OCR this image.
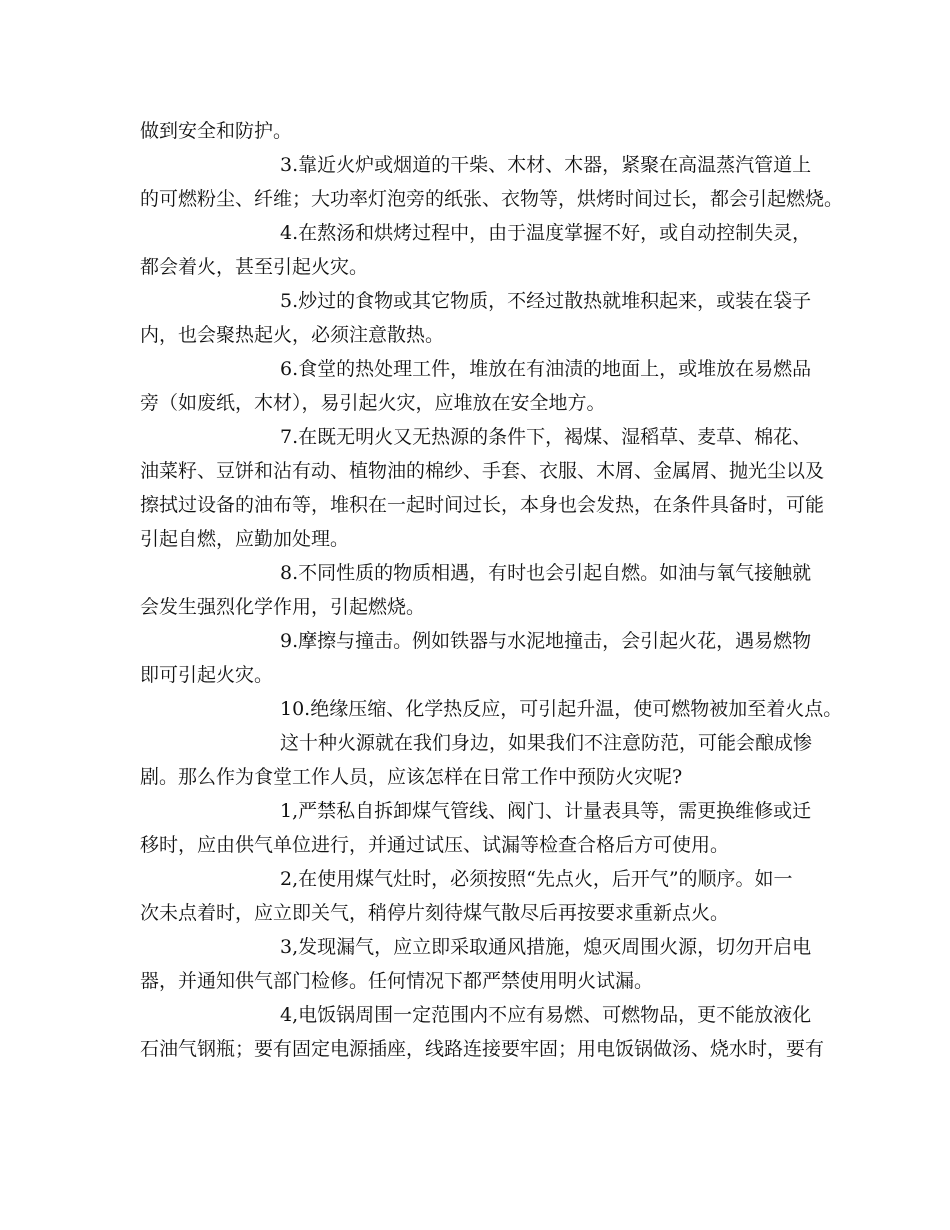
做到安全和防护。
3.靠近火炉或烟道的干柴、木材、木器，紧聚在高温蒸汽管道上
的可燃粉尘、纤维；大功率灯泡旁的纸张、衣物等，烘烤时间过长，都会引起燃烧。
4.在熬汤和烘烤过程中，由于温度掌握不好，或自动控制失灵，
都会着火，甚至引起火灾。
5.炒过的食物或其它物质，不经过散热就堆积起来，或装在袋子
内，也会聚热起火，必须注意散热。
6.食堂的热处理工件，堆放在有油渍的地面上，或堆放在易燃品
旁（如废纸，木材），易引起火灾，应堆放在安全地方。
7.在既无明火又无热源的条件下，褐煤、湿稻草、麦草、棉花、
油菜籽、豆饼和沾有动、植物油的棉纱、手套、衣服、木屑、金属屑、抛光尘以及
擦拭过设备的油布等，堆积在一起时间过长，本身也会发热，在条件具备时，可能
引起自燃，应勤加处理。
8.不同性质的物质相遇，有时也会引起自燃。如油与氧气接触就
会发生强烈化学作用，引起燃烧。
9.摩擦与撞击。例如铁器与水泥地撞击，会引起火花，遇易燃物
即可引起火灾。
10.绝缘压缩、化学热反应，可引起升温，使可燃物被加至着火点。
这十种火源就在我们身边，如果我们不注意防范，可能会酿成惨
剧。那么作为食堂工作人员，应该怎样在日常工作中预防火灾呢?
1,严禁私自拆卸煤气管线、阀门、计量表具等，需更换维修或迁
移时，应由供气单位进行，并通过试压、试漏等检查合格后方可使用。
2,在使用煤气灶时，必须按照“先点火，后开气”的顺序。如一
次未点着时，应立即关气，稍停片刻待煤气散尽后再按要求重新点火。
3,发现漏气，应立即采取通风措施，熄灭周围火源，切勿开启电
器，并通知供气部门检修。任何情况下都严禁使用明火试漏。
4,电饭锅周围一定范围内不应有易燃、可燃物品，更不能放液化
石油气钢瓶；要有固定电源插座，线路连接要牢固；用电饭锅做汤、烧水时，要有
